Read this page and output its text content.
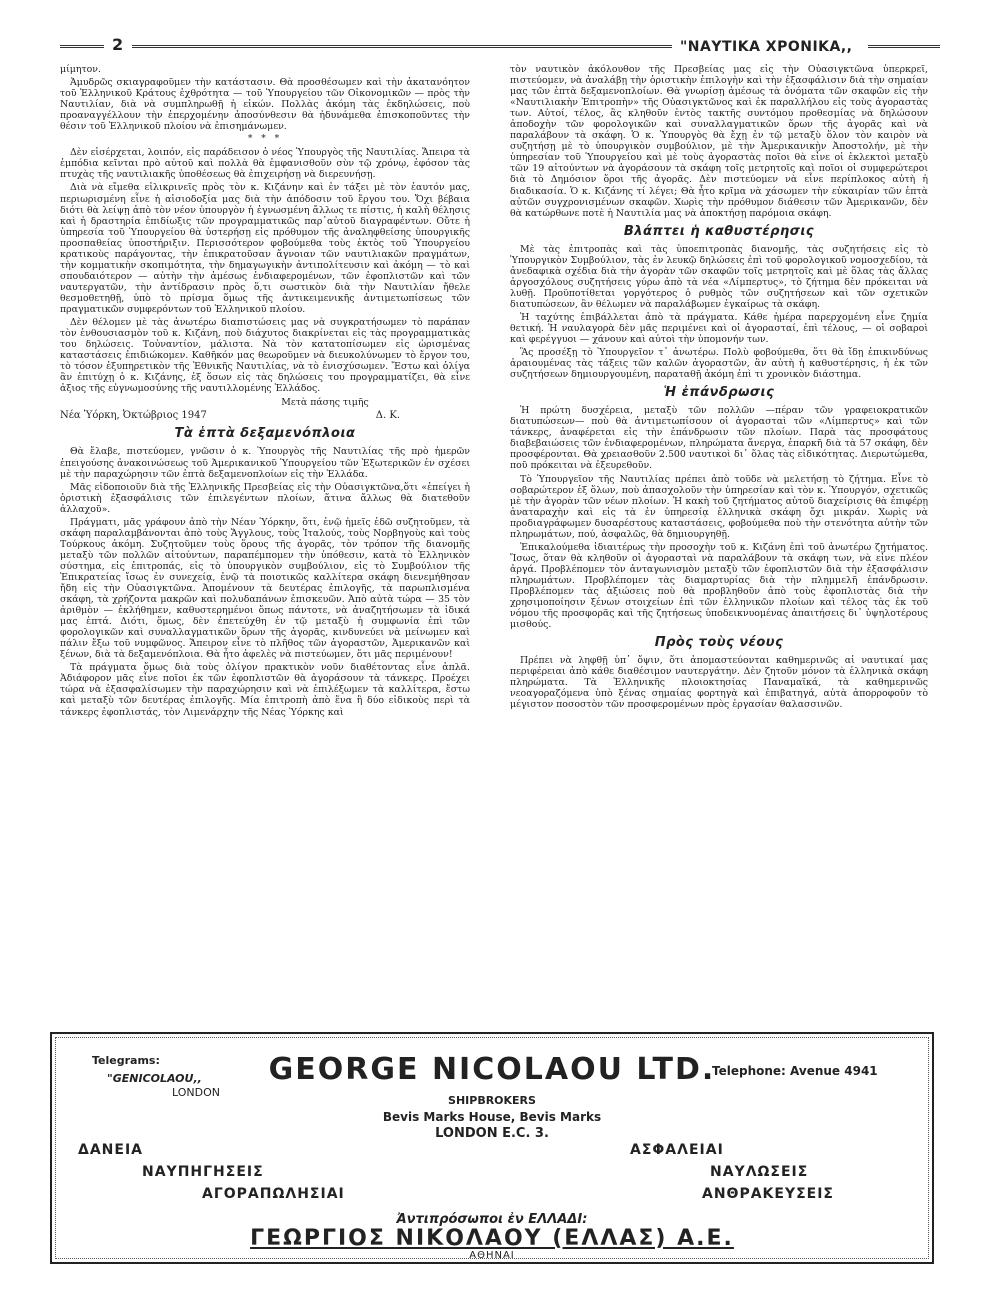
2	"ΝΑΥΤΙΚΑ ΧΡΟΝΙΚΑ,,

μίμητον.

Ἀμυδρῶς σκιαγραφοῦμεν τὴν κατάστασιν. Θὰ προσθέσωμεν καὶ τὴν ἀκατανόητον τοῦ Ἑλληνικοῦ Κράτους ἐχθρότητα — τοῦ Ὑπουργείου τῶν Οἰκονομικῶν — πρὸς τὴν Ναυτιλίαν, διὰ νὰ συμπληρωθῇ ἡ εἰκών. Πολλὰς ἀκόμη τὰς ἐκδηλώσεις, ποὺ προαναγγέλλουν τὴν ἐπερχομένην ἀποσύνθεσιν θὰ ἠδυνάμεθα ἐπισκοποῦντες τὴν θέσιν τοῦ Ἑλληνικοῦ πλοίου νὰ ἐπισημάνωμεν.

* * *

Δὲν εἰσέρχεται, λοιπόν, εἰς παράδεισον ὁ νέος Ὑπουργὸς τῆς Ναυτιλίας. Ἄπειρα τὰ ἐμπόδια κεῖνται πρὸ αὐτοῦ καὶ πολλὰ θὰ ἐμφανισθοῦν σὺν τῷ χρόνῳ, ἐφόσον τὰς πτυχὰς τῆς ναυτιλιακῆς ὑποθέσεως θὰ ἐπιχειρήσῃ νὰ διερευνήσῃ.

Διὰ νὰ εἴμεθα εἰλικρινεῖς πρὸς τὸν κ. Κιζάνην καὶ ἐν τάξει μὲ τὸν ἑαυτόν μας, περιωρισμένη εἶνε ἡ αἰσιοδοξία μας διὰ τὴν ἀπόδοσιν τοῦ ἔργου του. Ὄχι βέβαια διότι θὰ λείψῃ ἀπὸ τὸν νέον ὑπουργὸν ἡ ἐγνωσμένη ἄλλως τε πίστις, ἡ καλὴ θέλησις καὶ ἡ δραστηρία ἐπιδίωξις τῶν προγραμματικῶς παρ᾽αὐτοῦ διαγραφέντων. Οὔτε ἡ ὑπηρεσία τοῦ Ὑπουργείου θὰ ὑστερήσῃ εἰς πρόθυμον τῆς ἀναληφθείσης ὑπουργικῆς προσπαθείας ὑποστήριξιν. Περισσότερον φοβούμεθα τοὺς ἐκτὸς τοῦ Ὑπουργείου κρατικοὺς παράγοντας, τὴν ἐπικρατοῦσαν ἄγνοιαν τῶν ναυτιλιακῶν πραγμάτων, τὴν κομματικὴν σκοπιμότητα, τὴν δημαγωγικὴν ἀντιπολίτευσιν καὶ ἀκόμη — τὸ καὶ σπουδαιότερον — αὐτὴν τὴν ἀμέσως ἐνδιαφερομένων, τῶν ἐφοπλιστῶν καὶ τῶν ναυτεργατῶν, τὴν ἀντίδρασιν πρὸς ὅ,τι σωστικὸν διὰ τὴν Ναυτιλίαν ἤθελε θεσμοθετηθῇ, ὑπὸ τὸ πρίσμα ὅμως τῆς ἀντικειμενικῆς ἀντιμετωπίσεως τῶν πραγματικῶν συμφερόντων τοῦ Ἑλληνικοῦ πλοίου.

Δὲν θέλομεν μὲ τὰς ἀνωτέρω διαπιστώσεις μας νὰ συγκρατήσωμεν τὸ παράπαν τὸν ἐνθουσιασμὸν τοῦ κ. Κιζάνη, ποὺ διάχυτος διακρίνεται εἰς τὰς προγραμματικὰς του δηλώσεις. Τοὐναντίον, μάλιστα. Νὰ τὸν κατατοπίσωμεν εἰς ὡρισμένας καταστάσεις ἐπιδιώκομεν. Καθῆκόν μας θεωροῦμεν νὰ διευκολύνωμεν τὸ ἔργον του, τὸ τόσον ἐξυπηρετικὸν τῆς Ἐθνικῆς Ναυτιλίας, νὰ τὸ ἐνισχύσωμεν. Ἔστω καὶ ὀλίγα ἂν ἐπιτύχῃ ὁ κ. Κιζάνης, ἐξ ὅσων εἰς τὰς δηλώσεις του προγραμματίζει, θὰ εἶνε ἀξιος τῆς εὐγνωμοσύνης τῆς ναυτιλλομένης Ἑλλάδος.

Μετὰ πάσης τιμῆς
Νέα Ὑόρκη, Ὀκτώβριος 1947	Δ. Κ.
Τὰ ἑπτὰ δεξαμενόπλοια

Θὰ ἔλαβε, πιστεύομεν, γνῶσιν ὁ κ. Ὑπουργὸς τῆς Ναυτιλίας τῆς πρὸ ἡμερῶν ἐπειγούσης ἀνακοινώσεως τοῦ Ἀμερικανικοῦ Ὑπουργείου τῶν Ἐξωτερικῶν ἐν σχέσει μὲ τὴν παραχώρησιν τῶν ἑπτὰ δεξαμενοπλοίων εἰς τὴν Ἑλλάδα.

Μᾶς εἰδοποιοῦν διὰ τῆς Ἑλληνικῆς Πρεσβείας εἰς τὴν Οὐασιγκτῶνα,ὅτι «ἐπείγει ἡ ὁριστικὴ ἐξασφάλισις τῶν ἐπιλεγέντων πλοίων, ἅτινα ἄλλως θὰ διατεθοῦν ἀλλαχοῦ».

Πράγματι, μᾶς γράφουν ἀπὸ τὴν Νέαν Ὑόρκην, ὅτι, ἐνῷ ἡμεῖς ἐδῶ συζητοῦμεν, τὰ σκάφη παραλαμβάνονται ἀπὸ τοὺς Ἄγγλους, τοὺς Ἰταλούς, τοὺς Νορβηγοὺς καὶ τοὺς Τούρκους ἀκόμη. Συζητοῦμεν τοὺς ὅρους τῆς ἀγορᾶς, τὸν τρόπον τῆς διανομῆς μεταξὺ τῶν πολλῶν αἰτούντων, παραπέμπομεν τὴν ὑπόθεσιν, κατὰ τὸ Ἑλληνικὸν σύστημα, εἰς ἐπιτροπάς, εἰς τὸ ὑπουργικὸν συμβούλιον, εἰς τὸ Συμβούλιον τῆς Ἐπικρατείας ἴσως ἐν συνεχείᾳ, ἐνῷ τὰ ποιοτικῶς καλλίτερα σκάφη διενεμήθησαν ἤδη εἰς τὴν Οὐασιγκτῶνα. Ἀπομένουν τὰ δευτέρας ἐπιλογῆς, τὰ παρωπλισμένα σκάφη, τὰ χρήζοντα μακρῶν καὶ πολυδαπάνων ἐπισκευῶν. Ἀπὸ αὐτὰ τώρα — 35 τὸν ἀριθμὸν — ἐκλήθημεν, καθυστερημένοι ὅπως πάντοτε, νὰ ἀναζητήσωμεν τὰ ἰδικά μας ἑπτά. Διότι, ὅμως, δὲν ἐπετεύχθη ἐν τῷ μεταξὺ ἡ συμφωνία ἐπὶ τῶν φορολογικῶν καὶ συναλλαγματικῶν ὅρων τῆς ἀγορᾶς, κινδυνεύει νὰ μείνωμεν καὶ πάλιν ἔξω τοῦ νυμφῶνος. Ἄπειρον εἶνε τὸ πλῆθος τῶν ἀγοραστῶν, Ἀμερικανῶν καὶ ξένων, διὰ τὰ δεξαμενόπλοια. Θὰ ἦτο ἀφελὲς νὰ πιστεύωμεν, ὅτι μᾶς περιμένουν!

Τὰ πράγματα ὅμως διὰ τοὺς ὀλίγον πρακτικὸν νοῦν διαθέτοντας εἶνε ἁπλᾶ. Ἀδιάφορον μᾶς εἶνε ποῖοι ἐκ τῶν ἐφοπλιστῶν θὰ ἀγοράσουν τὰ τάνκερς. Προέχει τώρα νὰ ἐξασφαλίσωμεν τὴν παραχώρησιν καὶ νὰ ἐπιλέξωμεν τὰ καλλίτερα, ἔστω καὶ μεταξὺ τῶν δευτέρας ἐπιλογῆς. Μία ἐπιτροπὴ ἀπὸ ἕνα ἢ δύο εἰδικοὺς περὶ τὰ τάνκερς ἐφοπλιστάς, τὸν Λιμενάρχην τῆς Νέας Ὑόρκης καὶ

τὸν ναυτικὸν ἀκόλουθον τῆς Πρεσβείας μας εἰς τὴν Οὐασιγκτῶνα ὑπερκρεῖ, πιστεύομεν, νὰ ἀναλάβῃ τὴν ὁριστικὴν ἐπιλογὴν καὶ τὴν ἐξασφάλισιν διὰ τὴν σημαίαν μας τῶν ἑπτὰ δεξαμενοπλοίων. Θὰ γνωρίσῃ ἀμέσως τὰ ὀνόματα τῶν σκαφῶν εἰς τὴν «Ναυτιλιακὴν Ἐπιτροπὴν» τῆς Οὐασιγκτῶνος καὶ ἐκ παραλλήλου εἰς τοὺς ἀγοραστὰς των. Αὐτοί, τέλος, ἂς κληθοῦν ἐντὸς τακτῆς συντόμου προθεσμίας νὰ δηλώσουν ἀποδοχὴν τῶν φορολογικῶν καὶ συναλλαγματικῶν ὅρων τῆς ἀγορᾶς καὶ νὰ παραλάβουν τὰ σκάφη. Ὁ κ. Ὑπουργὸς θὰ ἔχῃ ἐν τῷ μεταξὺ ὅλον τὸν καιρὸν νὰ συζητήσῃ μὲ τὸ ὑπουργικὸν συμβούλιον, μὲ τὴν Ἀμερικανικὴν Ἀποστολήν, μὲ τὴν ὑπηρεσίαν τοῦ Ὑπουργείου καὶ μὲ τοὺς ἀγοραστὰς ποῖοι θὰ εἶνε οἱ ἐκλεκτοὶ μεταξὺ τῶν 19 αἰτούντων νὰ ἀγοράσουν τὰ σκάφη τοῖς μετρητοῖς καὶ ποῖοι οἱ συμφερώτεροι διὰ τὸ Δημόσιον ὅροι τῆς ἀγορᾶς. Δὲν πιστεύομεν νὰ εἶνε περίπλοκος αὐτὴ ἡ διαδικασία. Ὁ κ. Κιζάνης τί λέγει; Θὰ ἦτο κρῖμα νὰ χάσωμεν τὴν εὐκαιρίαν τῶν ἑπτὰ αὐτῶν συγχρονισμένων σκαφῶν. Χωρὶς τὴν πρόθυμον διάθεσιν τῶν Ἀμερικανῶν, δὲν θὰ κατώρθωνε ποτὲ ἡ Ναυτιλία μας νὰ ἀποκτήσῃ παρόμοια σκάφη.

Βλάπτει ἡ καθυστέρησις

Μὲ τὰς ἐπιτροπὰς καὶ τὰς ὑποεπιτροπὰς διανομῆς, τὰς συζητήσεις εἰς τὸ Ὑπουργικὸν Συμβούλιον, τὰς ἐν λευκῷ δηλώσεις ἐπὶ τοῦ φορολογικοῦ νομοσχεδίου, τὰ ἀνεδαφικὰ σχέδια διὰ τὴν ἀγορὰν τῶν σκαφῶν τοῖς μετρητοῖς καὶ μὲ ὅλας τὰς ἄλλας ἀργοσχόλους συζητήσεις γύρω ἀπὸ τὰ νέα «Λίμπερτυς», τὸ ζήτημα δὲν πρόκειται νὰ λυθῇ. Προϋποτίθεται γοργότερος ὁ ρυθμὸς τῶν συζητήσεων καὶ τῶν σχετικῶν διατυπώσεων, ἂν θέλωμεν νὰ παραλάβωμεν ἐγκαίρως τὰ σκάφη.

Ἡ ταχύτης ἐπιβάλλεται ἀπὸ τὰ πράγματα. Κάθε ἡμέρα παρερχομένη εἶνε ζημία θετική. Ἡ ναυλαγορὰ δὲν μᾶς περιμένει καὶ οἱ ἀγορασταί, ἐπὶ τέλους, — οἱ σοβαροὶ καὶ φερέγγυοι — χάνουν καὶ αὐτοὶ τὴν ὑπομονήν των.

Ἂς προσέξῃ τὸ Ὑπουργεῖον τ᾽ ἀνωτέρω. Πολὺ φοβούμεθα, ὅτι θὰ ἴδῃ ἐπικινδύνως ἀραιουμένας τὰς τάξεις τῶν καλῶν ἀγοραστῶν, ἂν αὐτὴ ἡ καθυστέρησις, ἡ ἐκ τῶν συζητήσεων δημιουργουμένη, παραταθῇ ἀκόμη ἐπὶ τι χρονικὸν διάστημα.

Ἡ ἐπάνδρωσις

Ἡ πρώτη δυσχέρεια, μεταξὺ τῶν πολλῶν —πέραν τῶν γραφειοκρατικῶν διατυπώσεων— ποὺ θὰ ἀντιμετωπίσουν οἱ ἀγορασταὶ τῶν «Λίμπερτυς» καὶ τῶν τάνκερς, ἀναφέρεται εἰς τὴν ἐπάνδρωσιν τῶν πλοίων. Παρὰ τὰς προσφάτους διαβεβαιώσεις τῶν ἐνδιαφερομένων, πληρώματα ἄνεργα, ἐπαρκῆ διὰ τὰ 57 σκάφη, δὲν προσφέρονται. Θὰ χρειασθοῦν 2.500 ναυτικοὶ δι᾽ ὅλας τὰς εἰδικότητας. Διερωτώμεθα, ποῦ πρόκειται νὰ ἐξευρεθοῦν.

Τὸ Ὑπουργεῖον τῆς Ναυτιλίας πρέπει ἀπὸ τοῦδε νὰ μελετήσῃ τὸ ζήτημα. Εἶνε τὸ σοβαρώτερον ἐξ ὅλων, ποὺ ἀπασχολοῦν τὴν ὑπηρεσίαν καὶ τὸν κ. Ὑπουργόν, σχετικῶς μὲ τὴν ἀγορὰν τῶν νέων πλοίων. Ἡ κακὴ τοῦ ζητήματος αὐτοῦ διαχείρισις θὰ ἐπιφέρῃ ἀναταραχὴν καὶ εἰς τὰ ἐν ὑπηρεσίᾳ ἑλληνικὰ σκάφη ὄχι μικράν. Χωρὶς νὰ προδιαγράφωμεν δυσαρέστους καταστάσεις, φοβούμεθα ποὺ τὴν στενότητα αὐτὴν τῶν πληρωμάτων, πού, ἀσφαλῶς, θὰ δημιουργηθῇ.

Ἐπικαλούμεθα ἰδιαιτέρως τὴν προσοχὴν τοῦ κ. Κιζάνη ἐπὶ τοῦ ἀνωτέρω ζητήματος. Ἴσως, ὅταν θὰ κληθοῦν οἱ ἀγορασταὶ νὰ παραλάβουν τὰ σκάφη των, νὰ εἶνε πλέον ἀργά. Προβλέπομεν τὸν ἀνταγωνισμὸν μεταξὺ τῶν ἐφοπλιστῶν διὰ τὴν ἐξασφάλισιν πληρωμάτων. Προβλέπομεν τὰς διαμαρτυρίας διὰ τὴν πλημμελῆ ἐπάνδρωσιν. Προβλέπομεν τὰς ἀξιώσεις ποὺ θὰ προβληθοῦν ἀπὸ τοὺς ἐφοπλιστὰς διὰ τὴν χρησιμοποίησιν ξένων στοιχείων ἐπὶ τῶν ἑλληνικῶν πλοίων καὶ τέλος τὰς ἐκ τοῦ νόμου τῆς προσφορᾶς καὶ τῆς ζητήσεως ὑποδεικνυομένας ἀπαιτήσεις δι᾽ ὑψηλοτέρους μισθούς.

Πρὸς τοὺς νέους

Πρέπει νὰ ληφθῇ ὑπ᾽ ὄψιν, ὅτι ἀπομαστεύονται καθημερινῶς αἱ ναυτικαί μας περιφέρειαι ἀπὸ κάθε διαθέσιμον ναυτεργάτην. Δὲν ζητοῦν μόνον τὰ ἑλληνικὰ σκάφη πληρώματα. Τὰ Ἑλληνικῆς πλοιοκτησίας Παναμαϊκά, τὰ καθημερινῶς νεοαγοραζόμενα ὑπὸ ξένας σημαίας φορτηγὰ καὶ ἐπιβατηγά, αὐτὰ ἀπορροφοῦν τὸ μέγιστον ποσοστὸν τῶν προσφερομένων πρὸς ἐργασίαν θαλασσινῶν.

Telegrams:
"GENICOLAOU,,
LONDON
GEORGE NICOLAOU LTD.
Telephone: Avenue 4941
SHIPBROKERS
Bevis Marks House, Bevis Marks
LONDON E.C. 3.
ΔΑΝΕΙΑ
ΝΑΥΠΗΓΗΣΕΙΣ
ΑΓΟΡΑΠΩΛΗΣΙΑΙ
ΑΣΦΑΛΕΙΑΙ
ΝΑΥΛΩΣΕΙΣ
ΑΝΘΡΑΚΕΥΣΕΙΣ
Ἀντιπρόσωποι ἐν ΕΛΛΑΔΙ:
ΓΕΩΡΓΙΟΣ ΝΙΚΟΛΑΟΥ (ΕΛΛΑΣ) Α.Ε.
ΑΘΗΝΑΙ
